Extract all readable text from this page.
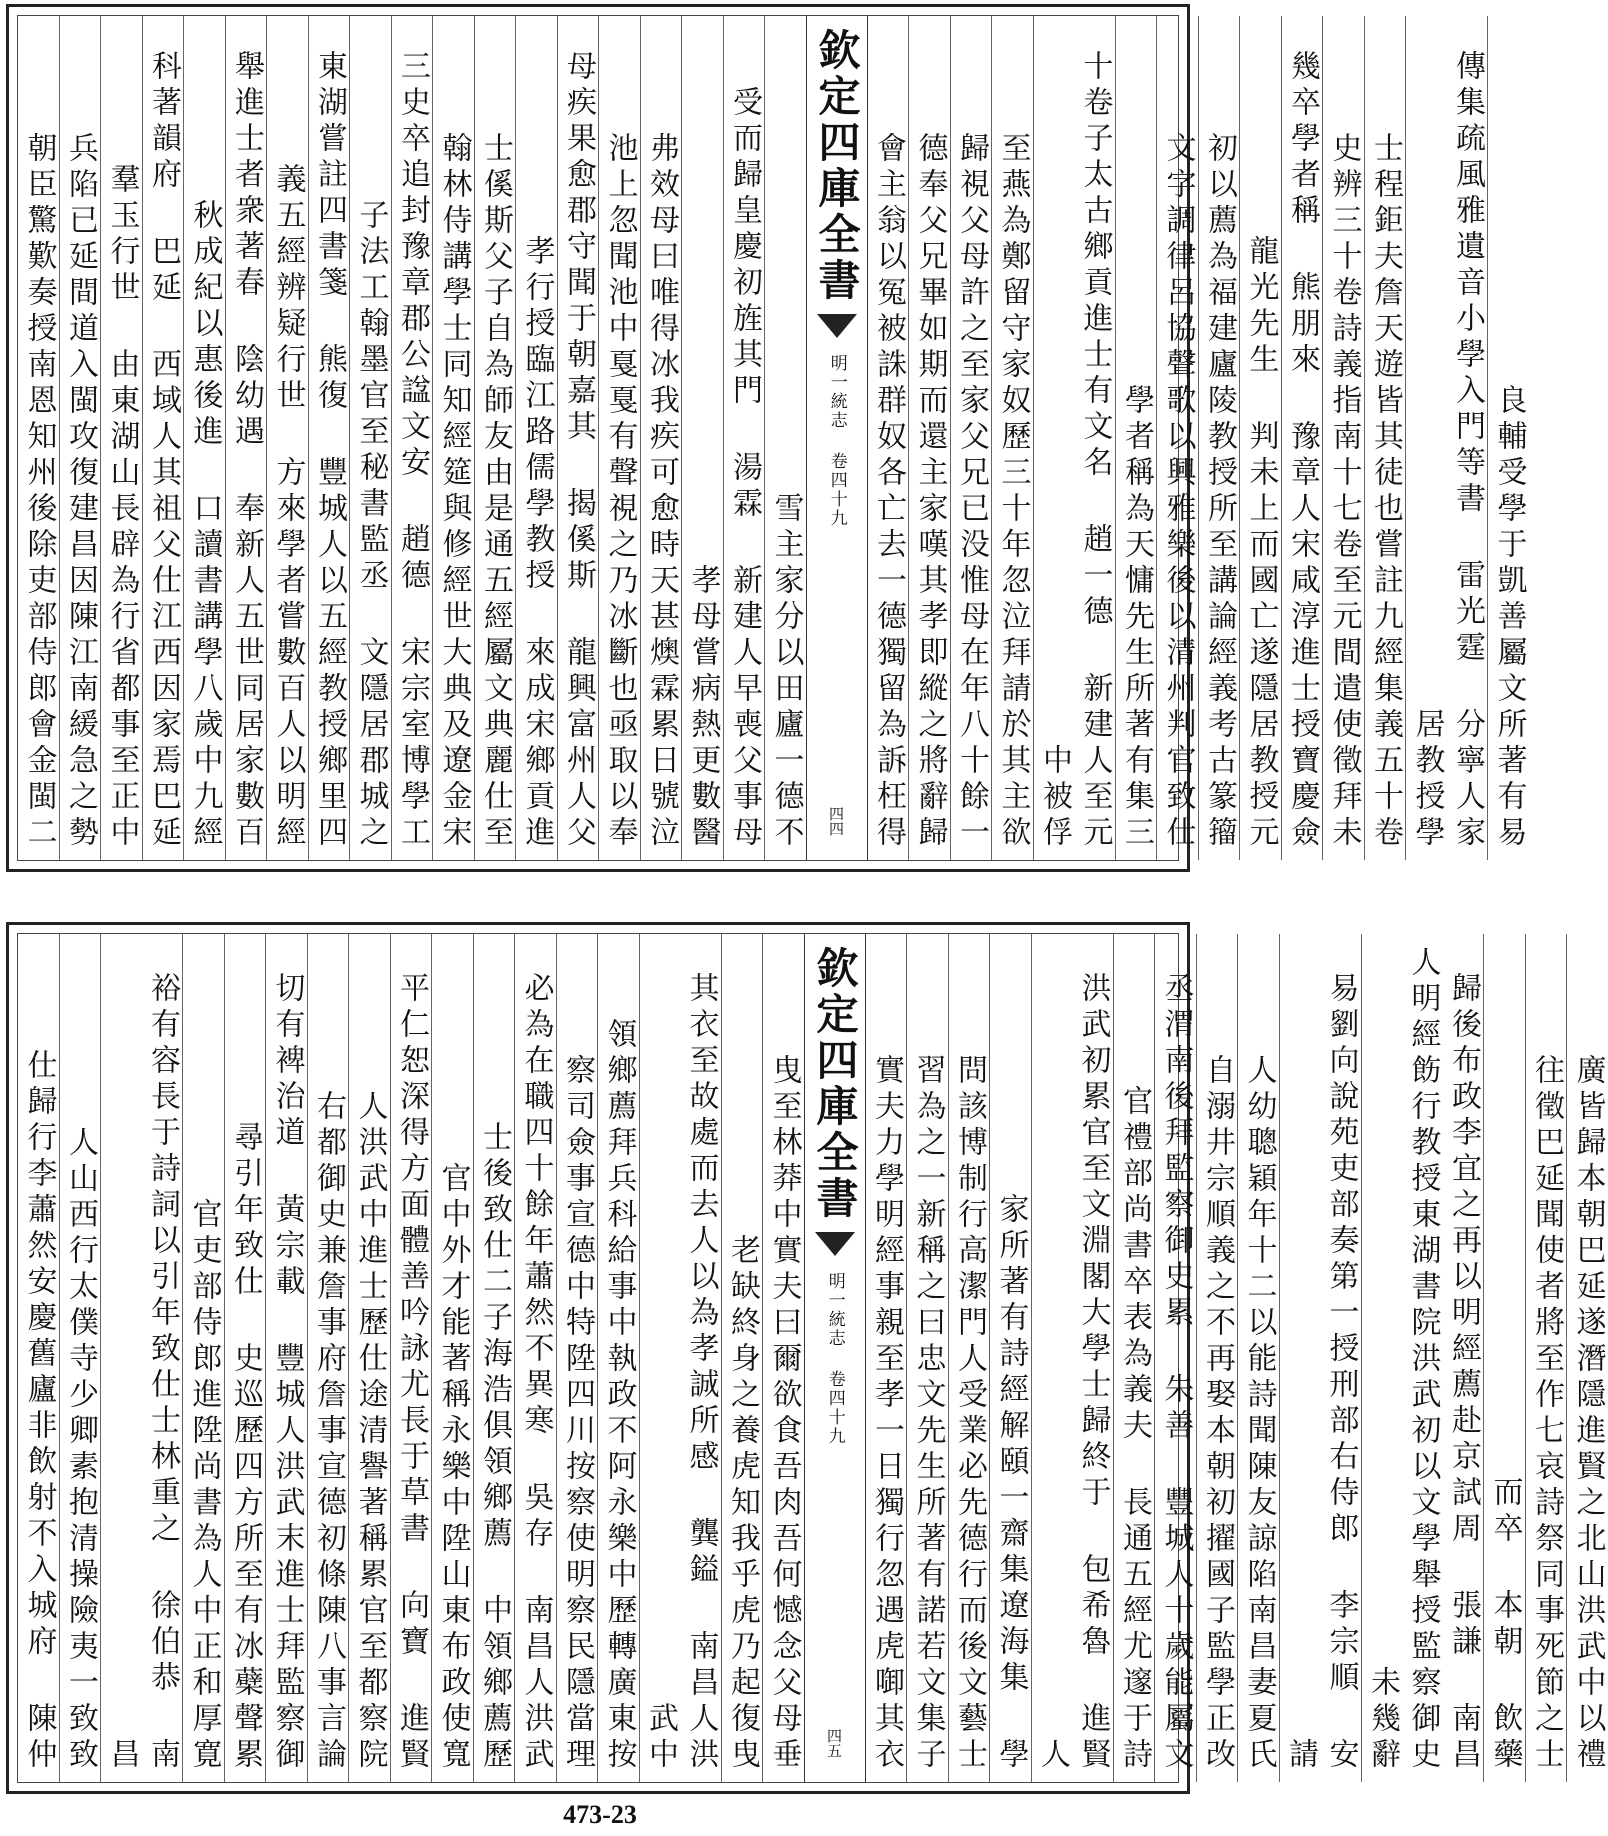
雪主家分以田廬一德不
受而歸皇慶初旌其門 湯霖 新建人早喪父事母
孝母嘗病熱更數醫
弗效母曰唯得冰我疾可愈時天甚燠霖累日號泣
池上忽聞池中戛戛有聲視之乃冰斷也亟取以奉
母疾果愈郡守聞于朝嘉其 揭傒斯 龍興富州人父
孝行授臨江路儒學教授 來成宋鄉貢進
士傒斯父子自為師友由是通五經屬文典麗仕至
翰林侍講學士同知經筵與修經世大典及遼金宋
三史卒追封豫章郡公諡文安 趙德 宋宗室博學工
子法工翰墨官至秘書監丞 文隱居郡城之
東湖嘗註四書箋 熊復 豐城人以五經教授鄉里四
義五經辨疑行世 方來學者嘗數百人以明經
舉進士者衆著春 陰幼遇 奉新人五世同居家數百
秋成紀以惠後進 口讀書講學八歲中九經
科著韻府 巴延 西域人其祖父仕江西因家焉巴延
羣玉行世 由東湖山長辟為行省都事至正中
兵陷已延間道入閩攻復建昌因陳江南緩急之勢
朝臣驚歎奏授南恩知州後除吏部侍郎會金閩二	欽定四庫全書
明一統志 卷四十九
四四	良輔受學于凱善屬文所著有易
傳集疏風雅遺音小學入門等書 雷光霆 分寧人家居教授學
士程鉅夫詹天遊皆其徒也嘗註九經集義五十卷
史辨三十卷詩義指南十七卷至元間遣使徵拜未
幾卒學者稱 熊朋來 豫章人宋咸淳進士授寶慶僉
龍光先生 判未上而國亡遂隱居教授元
初以薦為福建廬陵教授所至講論經義考古篆籀
文字調律呂協聲歌以興雅樂後以清州判官致仕
學者稱為天慵先生所著有集三
十卷子太古鄉貢進士有文名 趙一德 新建人至元中被俘
至燕為鄭留守家奴歷三十年忽泣拜請於其主欲
歸視父母許之至家父兄已没惟母在年八十餘一
德奉父兄畢如期而還主家嘆其孝即縱之將辭歸
會主翁以冤被誅群奴各亡去一德獨留為訴枉得
曳至林莽中實夫曰爾欲食吾肉吾何憾念父母垂
老缺終身之養虎知我乎虎乃起復曳
其衣至故處而去人以為孝誠所感 龔鎰 南昌人洪武中
領鄉薦拜兵科給事中執政不阿永樂中歷轉廣東按
察司僉事宣德中特陞四川按察使明察民隱當理
必為在職四十餘年蕭然不異寒 吳存 南昌人洪武
士後致仕二子海浩俱領鄉薦 中領鄉薦歷
官中外才能著稱永樂中陞山東布政使寬
平仁恕深得方面體善吟詠尤長于草書 向寶 進賢
人洪武中進士歷仕途清譽著稱累官至都察院
右都御史兼詹事府詹事宣德初條陳八事言論
切有裨治道 黃宗載 豐城人洪武末進士拜監察御
尋引年致仕 史巡歷四方所至有冰蘗聲累
官吏部侍郎進陞尚書為人中正和厚寛
裕有容長于詩詞以引年致仕士林重之 徐伯恭 南昌
人山西行太僕寺少卿素抱清操險夷一致致
仕歸行李蕭然安慶舊廬非飲射不入城府 陳仲	欽定四庫全書
明一統志 卷四十九
四五	廣皆歸本朝巴延遂潛隱進賢之北山洪武中以禮
往徵巴延聞使者將至作七哀詩祭同事死節之士
而卒 本朝 飲藥
歸後布政李宜之再以明經薦赴京試周 張謙 南昌人明經飭行教授東湖書院洪武初以文學舉授監察御史未幾辭
易劉向說苑吏部奏第一授刑部右侍郎 李宗順 安請
人幼聰穎年十二以能詩聞陳友諒陷南昌妻夏氏
自溺井宗順義之不再娶本朝初擢國子監學正改
丞渭南後拜監察御史累 朱善 豐城人十歲能屬文
官禮部尚書卒表為義夫 長通五經尤邃于詩
洪武初累官至文淵閣大學士歸終于 包希魯 進賢人
家所著有詩經解頤一齋集遼海集 學
問該博制行高潔門人受業必先德行而後文藝士
習為之一新稱之曰忠文先生所著有諾若文集子
實夫力學明經事親至孝一日獨行忽遇虎啣其衣
473-23
